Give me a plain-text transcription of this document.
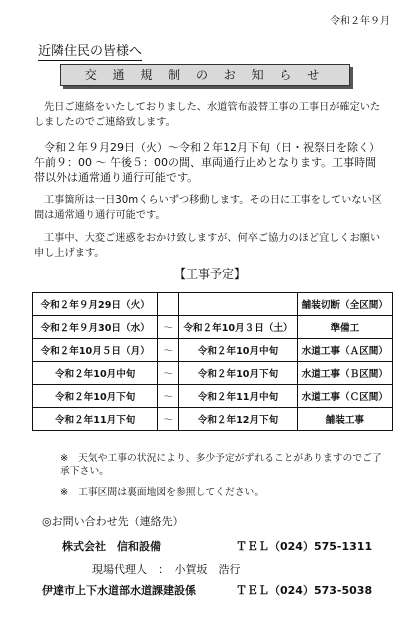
令和２年９月
近隣住民の皆様へ
交 通 規 制 の お 知 ら せ
先日ご連絡をいたしておりました、水道管布設替工事の工事日が確定いたしましたのでご連絡致します。
令和２年９月29日（火）～令和２年12月下旬（日・祝祭日を除く）午前９：00 ～ 午後５：00の間、車両通行止めとなります。工事時間帯以外は通常通り通行可能です。
工事箇所は一日30mくらいずつ移動します。その日に工事をしていない区間は通常通り通行可能です。
工事中、大変ご迷惑をおかけ致しますが、何卒ご協力のほど宜しくお願い申し上げます。
【工事予定】
令和２年９月29日（火）			舗装切断（全区間）
令和２年９月30日（水）	～	令和２年10月３日（土）	準備工
令和２年10月５日（月）	～	令和２年10月中旬	水道工事（Ａ区間）
令和２年10月中旬	～	令和２年10月下旬	水道工事（Ｂ区間）
令和２年10月下旬	～	令和２年11月中旬	水道工事（Ｃ区間）
令和２年11月下旬	～	令和２年12月下旬	舗装工事
※　天気や工事の状況により、多少予定がずれることがありますのでご了承下さい。
※　工事区間は裏面地図を参照してください。
◎お問い合わせ先（連絡先）
株式会社　信和設備	ＴＥＬ（024）575-1311
現場代理人　：　小賀坂　浩行
伊達市上下水道部水道課建設係	ＴＥＬ（024）573-5038
